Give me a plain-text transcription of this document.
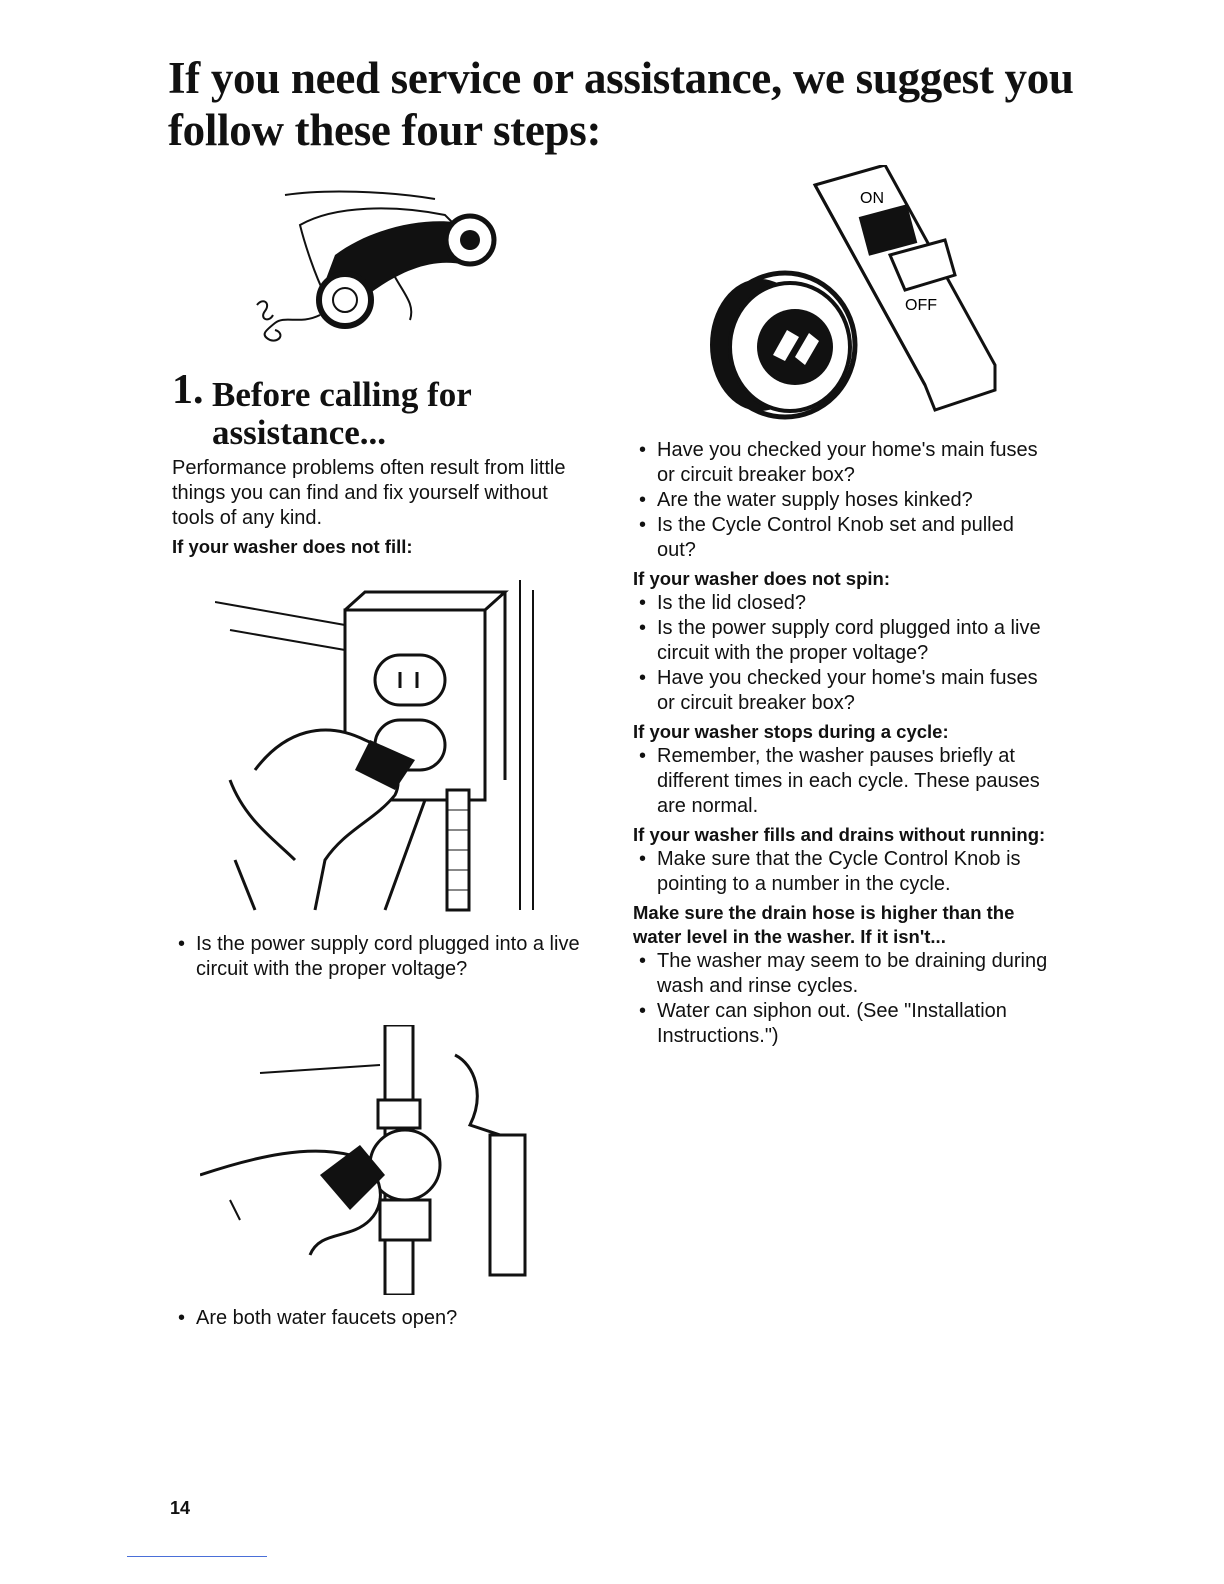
If you need service or assistance, we suggest you follow these four steps:
1. Before calling for assistance...

Performance problems often result from little things you can find and fix yourself without tools of any kind.

If your washer does not fill:

• Is the power supply cord plugged into a live circuit with the proper voltage?

• Are both water faucets open?

ON
OFF

• Have you checked your home's main fuses or circuit breaker box?

• Are the water supply hoses kinked?

• Is the Cycle Control Knob set and pulled out?

If your washer does not spin:

• Is the lid closed?

• Is the power supply cord plugged into a live circuit with the proper voltage?

• Have you checked your home's main fuses or circuit breaker box?

If your washer stops during a cycle:

• Remember, the washer pauses briefly at different times in each cycle. These pauses are normal.

If your washer fills and drains without running:

• Make sure that the Cycle Control Knob is pointing to a number in the cycle.

Make sure the drain hose is higher than the water level in the washer. If it isn't...

• The washer may seem to be draining during wash and rinse cycles.

• Water can siphon out. (See "Installation Instructions.")

14
